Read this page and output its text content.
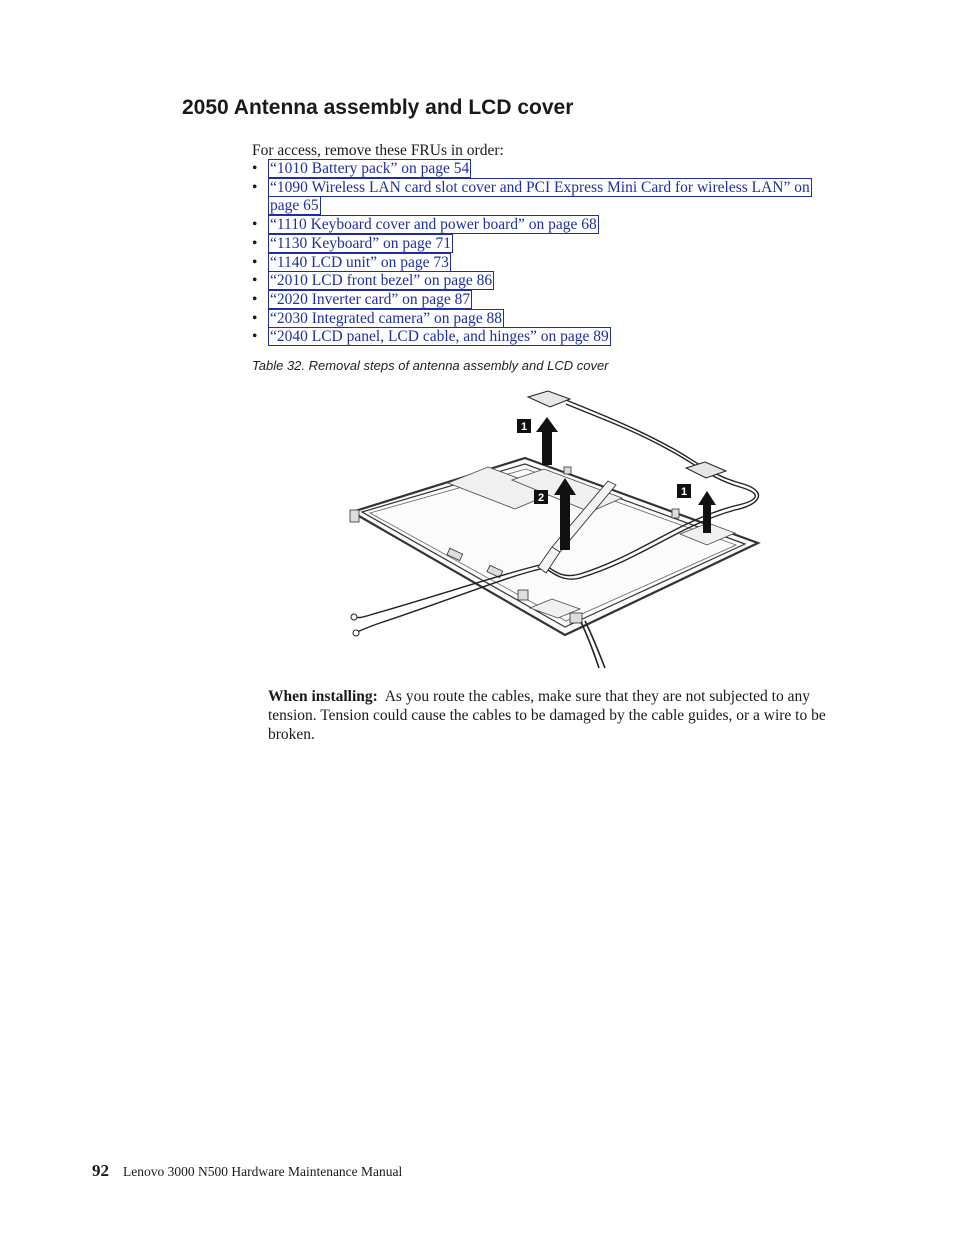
2050 Antenna assembly and LCD cover

For access, remove these FRUs in order:

• “1010 Battery pack” on page 54
• “1090 Wireless LAN card slot cover and PCI Express Mini Card for wireless LAN” on page 65
• “1110 Keyboard cover and power board” on page 68
• “1130 Keyboard” on page 71
• “1140 LCD unit” on page 73
• “2010 LCD front bezel” on page 86
• “2020 Inverter card” on page 87
• “2030 Integrated camera” on page 88
• “2040 LCD panel, LCD cable, and hinges” on page 89

Table 32. Removal steps of antenna assembly and LCD cover

1
2	1

When installing: As you route the cables, make sure that they are not subjected to any tension. Tension could cause the cables to be damaged by the cable guides, or a wire to be broken.

92 Lenovo 3000 N500 Hardware Maintenance Manual
